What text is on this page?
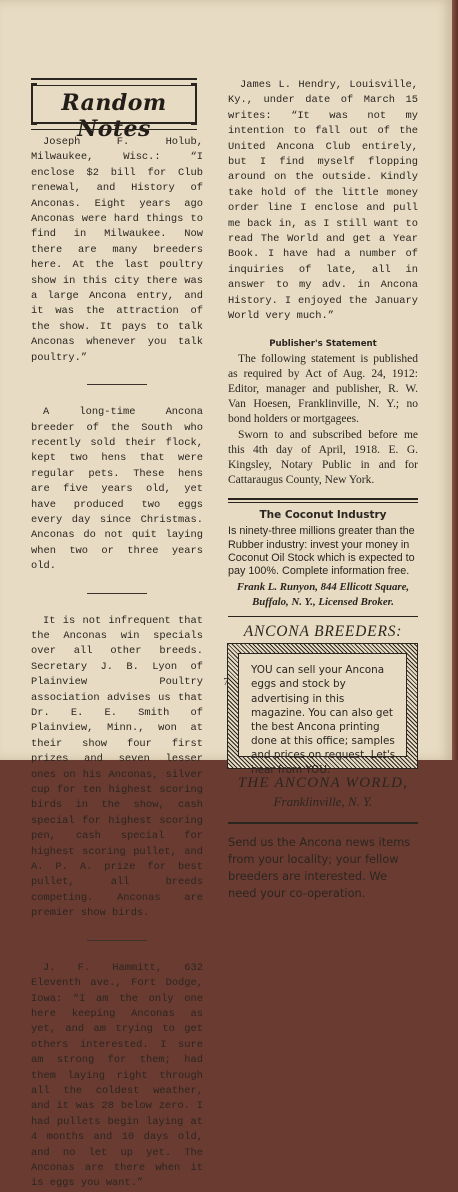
Random Notes

Joseph F. Holub, Milwaukee, Wisc.: “I enclose $2 bill for Club renewal, and History of Anconas. Eight years ago Anconas were hard things to find in Milwaukee. Now there are many breeders here. At the last poultry show in this city there was a large Ancona entry, and it was the attraction of the show. It pays to talk Anconas whenever you talk poultry.”

A long-time Ancona breeder of the South who recently sold their flock, kept two hens that were regular pets. These hens are five years old, yet have produced two eggs every day since Christmas. Anconas do not quit laying when two or three years old.

It is not infrequent that the Anconas win specials over all other breeds. Secretary J. B. Lyon of Plainview Poultry association advises us that Dr. E. E. Smith of Plainview, Minn., won at their show four first prizes and seven lesser ones on his Anconas, silver cup for ten highest scoring birds in the show, cash special for highest scoring pen, cash special for highest scoring pullet, and A. P. A. prize for best pullet, all breeds competing. Anconas are premier show birds.

J. F. Hammitt, 632 Eleventh ave., Fort Dodge, Iowa: “I am the only one here keeping Anconas as yet, and am trying to get others interested. I sure am strong for them; had them laying right through all the coldest weather, and it was 28 below zero. I had pullets begin laying at 4 months and 10 days old, and no let up yet. The Anconas are there when it is eggs you want.”

James L. Hendry, Louisville, Ky., under date of March 15 writes: “It was not my intention to fall out of the United Ancona Club entirely, but I find myself flopping around on the outside. Kindly take hold of the little money order line I enclose and pull me back in, as I still want to read The World and get a Year Book. I have had a number of inquiries of late, all in answer to my adv. in Ancona History. I enjoyed the January World very much.”

Publisher's Statement

The following statement is published as required by Act of Aug. 24, 1912: Editor, manager and publisher, R. W. Van Hoesen, Franklinville, N. Y.; no bond holders or mortgagees.

Sworn to and subscribed before me this 4th day of April, 1918. E. G. Kingsley, Notary Public in and for Cattaraugus County, New York.

The Coconut Industry

Is ninety-three millions greater than the Rubber industry: invest your money in Coconut Oil Stock which is expected to pay 100%. Complete information free.

Frank L. Runyon, 844 Ellicott Square,

Buffalo, N. Y., Licensed Broker.

ANCONA BREEDERS:
YOU can sell your Ancona eggs and stock by advertising in this magazine. You can also get the best Ancona printing done at this office; samples and prices on request. Let's hear from YOU.
THE ANCONA WORLD,
Franklinville, N. Y.

Send us the Ancona news items from your locality; your fellow breeders are interested. We need your co-operation.

7
